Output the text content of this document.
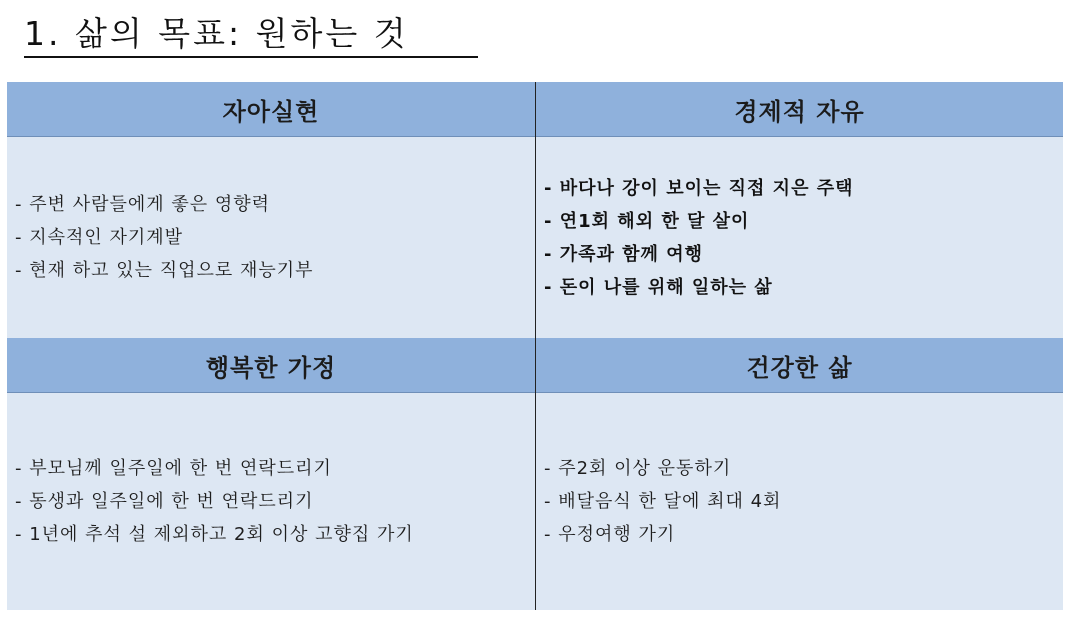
1. 삶의 목표: 원하는 것
자아실현	경제적 자유
- 주변 사람들에게 좋은 영향력
- 지속적인 자기계발
- 현재 하고 있는 직업으로 재능기부
- 바다나 강이 보이는 직접 지은 주택
- 연1회 해외 한 달 살이
- 가족과 함께 여행
- 돈이 나를 위해 일하는 삶
행복한 가정	건강한 삶
- 부모님께 일주일에 한 번 연락드리기
- 동생과 일주일에 한 번 연락드리기
- 1년에 추석 설 제외하고 2회 이상 고향집 가기
- 주2회 이상 운동하기
- 배달음식 한 달에 최대 4회
- 우정여행 가기
